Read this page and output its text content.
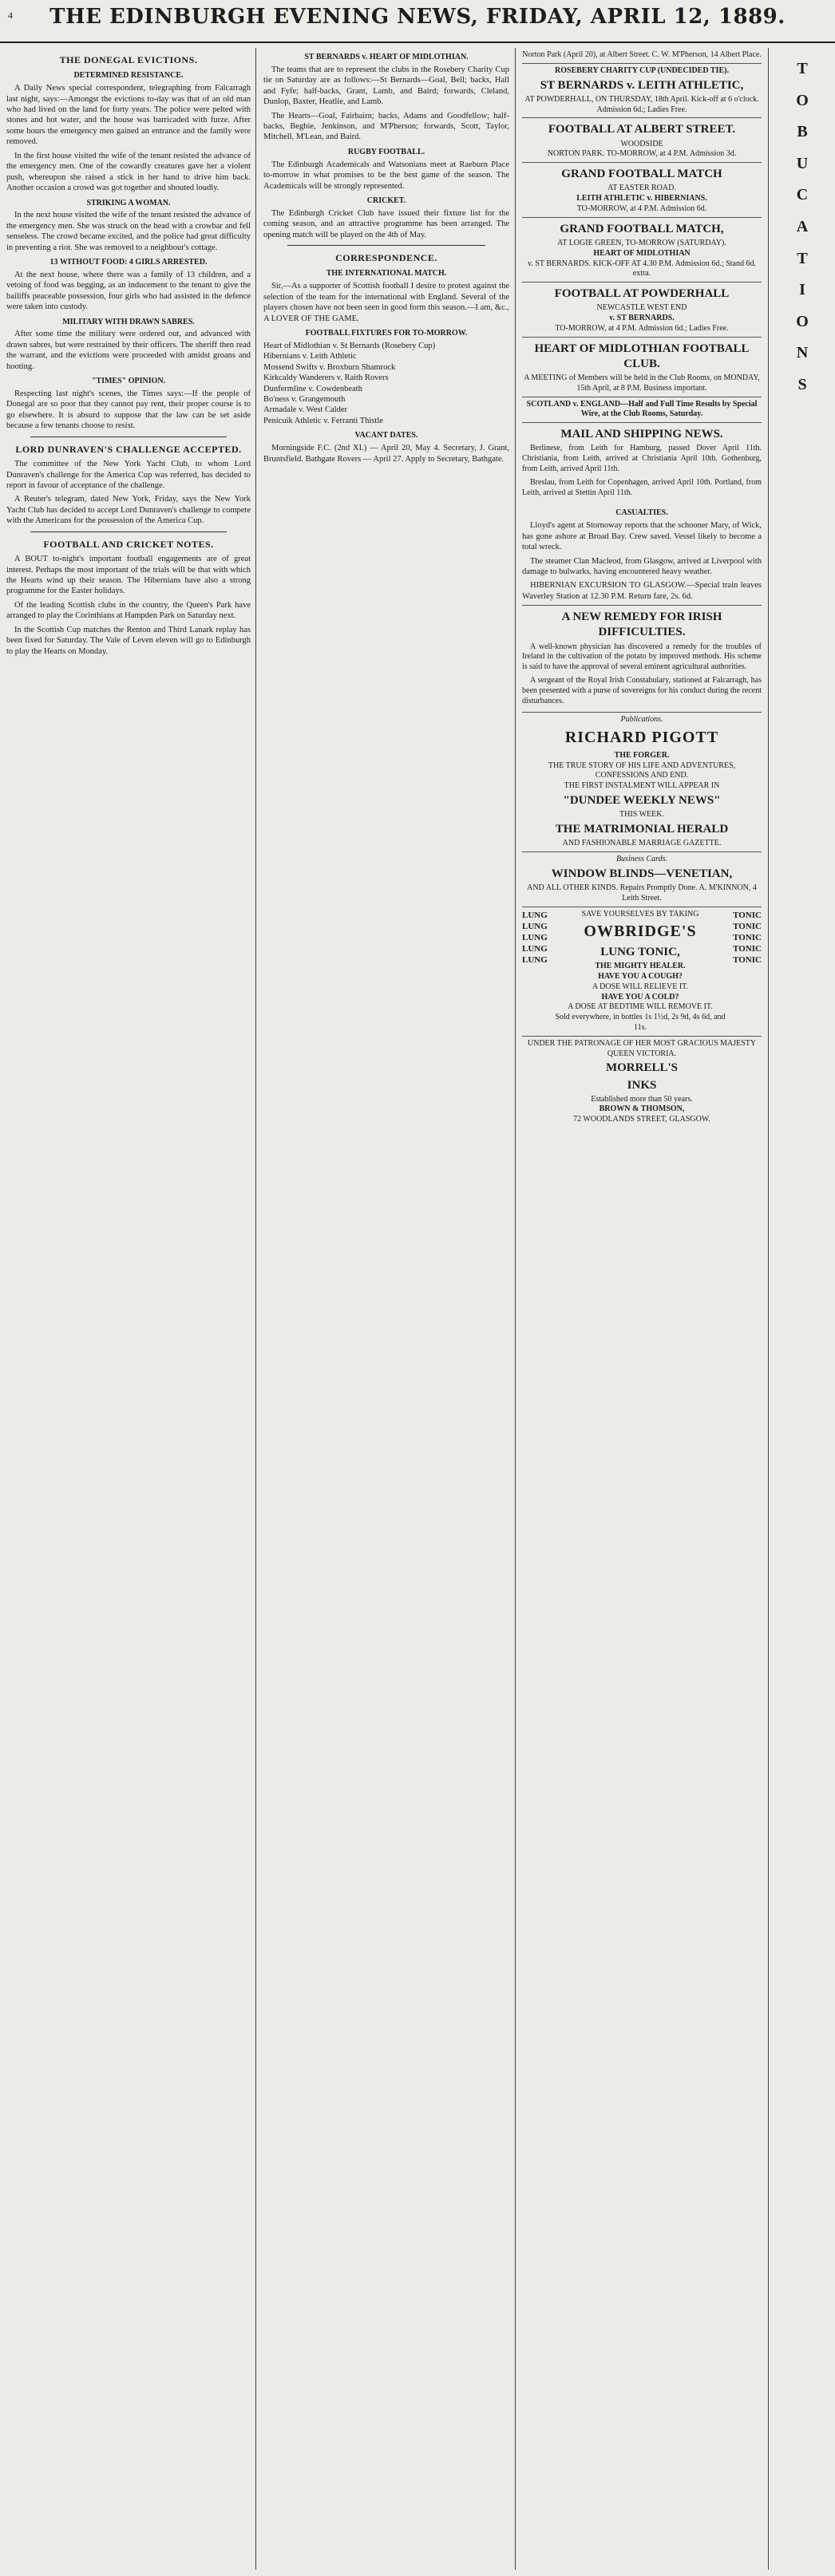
4	THE EDINBURGH EVENING NEWS, FRIDAY, APRIL 12, 1889.
THE DONEGAL EVICTIONS.
DETERMINED RESISTANCE.

A Daily News special correspondent, telegraphing from Falcarragh last night, says:—Amongst the evictions to-day was that of an old man who had lived on the land for forty years. The police were pelted with stones and hot water, and the house was barricaded with furze. After some hours the emergency men gained an entrance and the family were removed.

In the first house visited the wife of the tenant resisted the advance of the emergency men. One of the cowardly creatures gave her a violent push, whereupon she raised a stick in her hand to drive him back. Another occasion a crowd was got together and shouted loudly.

STRIKING A WOMAN.

In the next house visited the wife of the tenant resisted the advance of the emergency men. She was struck on the head with a crowbar and fell senseless. The crowd became excited, and the police had great difficulty in preventing a riot. She was removed to a neighbour's cottage.

13 WITHOUT FOOD: 4 GIRLS ARRESTED.

At the next house, where there was a family of 13 children, and a vetoing of food was begging, as an inducement to the tenant to give the bailiffs peaceable possession, four girls who had assisted in the defence were taken into custody.

MILITARY WITH DRAWN SABRES.

After some time the military were ordered out, and advanced with drawn sabres, but were restrained by their officers. The sheriff then read the warrant, and the evictions were proceeded with amidst groans and hooting.

"TIMES" OPINION.

Respecting last night's scenes, the Times says:—If the people of Donegal are so poor that they cannot pay rent, their proper course is to go elsewhere. It is absurd to suppose that the law can be set aside because a few tenants choose to resist.

LORD DUNRAVEN'S CHALLENGE ACCEPTED.

The committee of the New York Yacht Club, to whom Lord Dunraven's challenge for the America Cup was referred, has decided to report in favour of acceptance of the challenge.

A Reuter's telegram, dated New York, Friday, says the New York Yacht Club has decided to accept Lord Dunraven's challenge to compete with the Americans for the possession of the America Cup.

FOOTBALL AND CRICKET NOTES.

A BOUT to-night's important football engagements are of great interest. Perhaps the most important of the trials will be that with which the Hearts wind up their season. The Hibernians have also a strong programme for the Easter holidays.

Of the leading Scottish clubs in the country, the Queen's Park have arranged to play the Corinthians at Hampden Park on Saturday next.

In the Scottish Cup matches the Renton and Third Lanark replay has been fixed for Saturday. The Vale of Leven eleven will go to Edinburgh to play the Hearts on Monday.

ST BERNARDS v. HEART OF MIDLOTHIAN.

The teams that are to represent the clubs in the Rosebery Charity Cup tie on Saturday are as follows:—St Bernards—Goal, Bell; backs, Hall and Fyfe; half-backs, Grant, Lamb, and Baird; forwards, Cleland, Dunlop, Baxter, Heatlie, and Lamb.

The Hearts—Goal, Fairbairn; backs, Adams and Goodfellow; half-backs, Begbie, Jenkinson, and M'Pherson; forwards, Scott, Taylor, Mitchell, M'Lean, and Baird.

RUGBY FOOTBALL.

The Edinburgh Academicals and Watsonians meet at Raeburn Place to-morrow in what promises to be the best game of the season. The Academicals will be strongly represented.

CRICKET.

The Edinburgh Cricket Club have issued their fixture list for the coming season, and an attractive programme has been arranged. The opening match will be played on the 4th of May.

CORRESPONDENCE.
THE INTERNATIONAL MATCH.

Sir,—As a supporter of Scottish football I desire to protest against the selection of the team for the international with England. Several of the players chosen have not been seen in good form this season.—I am, &c., A LOVER OF THE GAME.

FOOTBALL FIXTURES FOR TO-MORROW.
Heart of Midlothian v. St Bernards (Rosebery Cup)
Hibernians v. Leith Athletic
Mossend Swifts v. Broxburn Shamrock
Kirkcaldy Wanderers v. Raith Rovers
Dunfermline v. Cowdenbeath
Bo'ness v. Grangemouth
Armadale v. West Calder
Penicuik Athletic v. Ferranti Thistle
VACANT DATES.

Morningside F.C. (2nd XI.) — April 20, May 4. Secretary, J. Grant, Bruntsfield. Bathgate Rovers — April 27. Apply to Secretary, Bathgate.

Norton Park (April 20), at Albert Street. C. W. M'Pherson, 14 Albert Place.
ROSEBERY CHARITY CUP (UNDECIDED TIE).
ST BERNARDS v. LEITH ATHLETIC,
AT POWDERHALL, ON THURSDAY, 18th April. Kick-off at 6 o'clock. Admission 6d.; Ladies Free.
FOOTBALL AT ALBERT STREET.
WOODSIDE
NORTON PARK. TO-MORROW, at 4 P.M. Admission 3d.
GRAND FOOTBALL MATCH
AT EASTER ROAD.
LEITH ATHLETIC v. HIBERNIANS.
TO-MORROW, at 4 P.M. Admission 6d.
GRAND FOOTBALL MATCH,
AT LOGIE GREEN, TO-MORROW (SATURDAY).
HEART OF MIDLOTHIAN
v. ST BERNARDS. KICK-OFF AT 4.30 P.M. Admission 6d.; Stand 6d. extra.
FOOTBALL AT POWDERHALL
NEWCASTLE WEST END
v. ST BERNARDS.
TO-MORROW, at 4 P.M. Admission 6d.; Ladies Free.
HEART OF MIDLOTHIAN FOOTBALL CLUB.
A MEETING of Members will be held in the Club Rooms, on MONDAY, 15th April, at 8 P.M. Business important.
SCOTLAND v. ENGLAND—Half and Full Time Results by Special Wire, at the Club Rooms, Saturday.
MAIL AND SHIPPING NEWS.

Berlinese, from Leith for Hamburg, passed Dover April 11th. Christiania, from Leith, arrived at Christiania April 10th. Gothenburg, from Leith, arrived April 11th.

Breslau, from Leith for Copenhagen, arrived April 10th. Portland, from Leith, arrived at Stettin April 11th.

CASUALTIES.

Lloyd's agent at Stornoway reports that the schooner Mary, of Wick, has gone ashore at Broad Bay. Crew saved. Vessel likely to become a total wreck.

The steamer Clan Macleod, from Glasgow, arrived at Liverpool with damage to bulwarks, having encountered heavy weather.

HIBERNIAN EXCURSION TO GLASGOW.—Special train leaves Waverley Station at 12.30 P.M. Return fare, 2s. 6d.

A NEW REMEDY FOR IRISH DIFFICULTIES.

A well-known physician has discovered a remedy for the troubles of Ireland in the cultivation of the potato by improved methods. His scheme is said to have the approval of several eminent agricultural authorities.

A sergeant of the Royal Irish Constabulary, stationed at Falcarragh, has been presented with a purse of sovereigns for his conduct during the recent disturbances.

Publications.
RICHARD PIGOTT
THE FORGER.
THE TRUE STORY OF HIS LIFE AND ADVENTURES, CONFESSIONS AND END.
THE FIRST INSTALMENT WILL APPEAR IN
"DUNDEE WEEKLY NEWS"
THIS WEEK.
THE MATRIMONIAL HERALD
AND FASHIONABLE MARRIAGE GAZETTE.
Business Cards.
WINDOW BLINDS—VENETIAN,
AND ALL OTHER KINDS. Repairs Promptly Done. A. M'KINNON, 4 Leith Street.
LUNG
LUNG
LUNG
LUNG
LUNG
SAVE YOURSELVES BY TAKING
OWBRIDGE'S
LUNG TONIC,
THE MIGHTY HEALER.
HAVE YOU A COUGH?
A DOSE WILL RELIEVE IT.
HAVE YOU A COLD?
A DOSE AT BEDTIME WILL REMOVE IT.
Sold everywhere, in bottles 1s 1½d, 2s 9d, 4s 6d, and 11s.
TONIC
TONIC
TONIC
TONIC
TONIC
UNDER THE PATRONAGE OF HER MOST GRACIOUS MAJESTY QUEEN VICTORIA.
MORRELL'S
INKS
Established more than 50 years.
BROWN & THOMSON,
72 WOODLANDS STREET, GLASGOW.
T
O
B
U
C
A
T
I
O
N
S
